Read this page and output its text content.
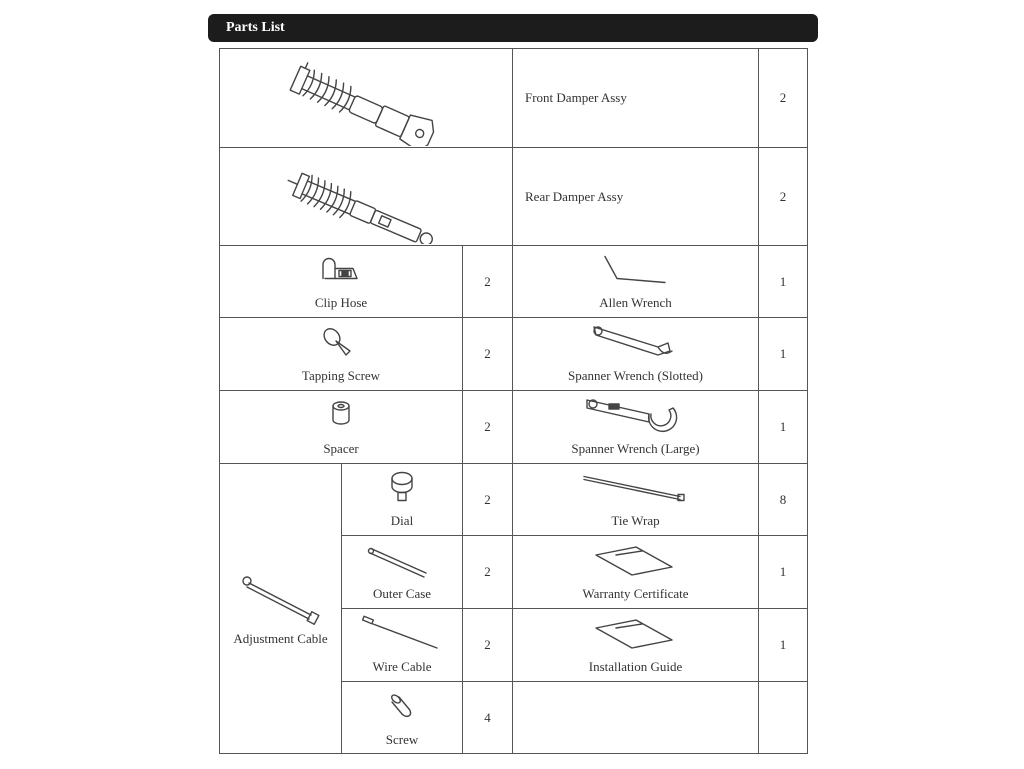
Parts List
Front Damper Assy	2
Rear Damper Assy	2
Clip Hose
2
Allen Wrench
1
Tapping Screw
2
Spanner Wrench (Slotted)
1
Spacer
2
Spanner Wrench (Large)
1
Adjustment Cable
Dial
2
Tie Wrap
8
Outer Case
2
Warranty Certificate
1
Wire Cable
2
Installation Guide
1
Screw
4
